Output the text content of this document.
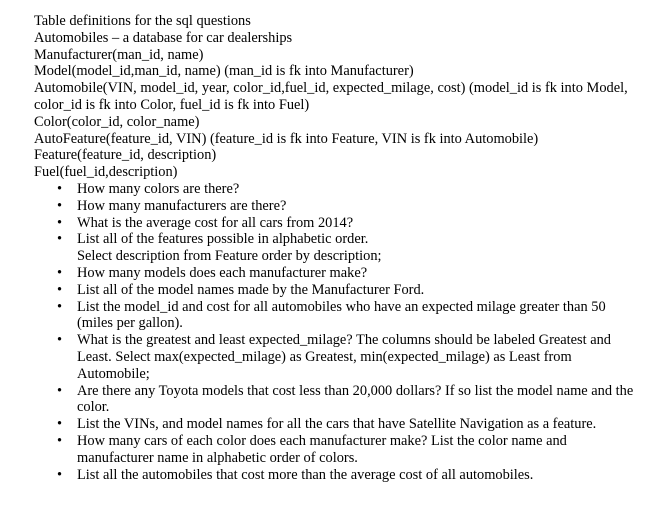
Table definitions for the sql questions

Automobiles – a database for car dealerships

Manufacturer(man_id, name)

Model(model_id,man_id, name) (man_id is fk into Manufacturer)

Automobile(VIN, model_id, year, color_id,fuel_id, expected_milage, cost) (model_id is fk into Model, color_id is fk into Color, fuel_id is fk into Fuel)

Color(color_id, color_name)

AutoFeature(feature_id, VIN) (feature_id is fk into Feature, VIN is fk into Automobile)

Feature(feature_id, description)

Fuel(fuel_id,description)

• How many colors are there?
• How many manufacturers are there?
• What is the average cost for all cars from 2014?
• List all of the features possible in alphabetic order.
Select description from Feature order by description;
• How many models does each manufacturer make?
• List all of the model names made by the Manufacturer Ford.
• List the model_id and cost for all automobiles who have an expected milage greater than 50 (miles per gallon).
• What is the greatest and least expected_milage? The columns should be labeled Greatest and Least. Select max(expected_milage) as Greatest, min(expected_milage) as Least from Automobile;
• Are there any Toyota models that cost less than 20,000 dollars? If so list the model name and the color.
• List the VINs, and model names for all the cars that have Satellite Navigation as a feature.
• How many cars of each color does each manufacturer make? List the color name and manufacturer name in alphabetic order of colors.
• List all the automobiles that cost more than the average cost of all automobiles.
